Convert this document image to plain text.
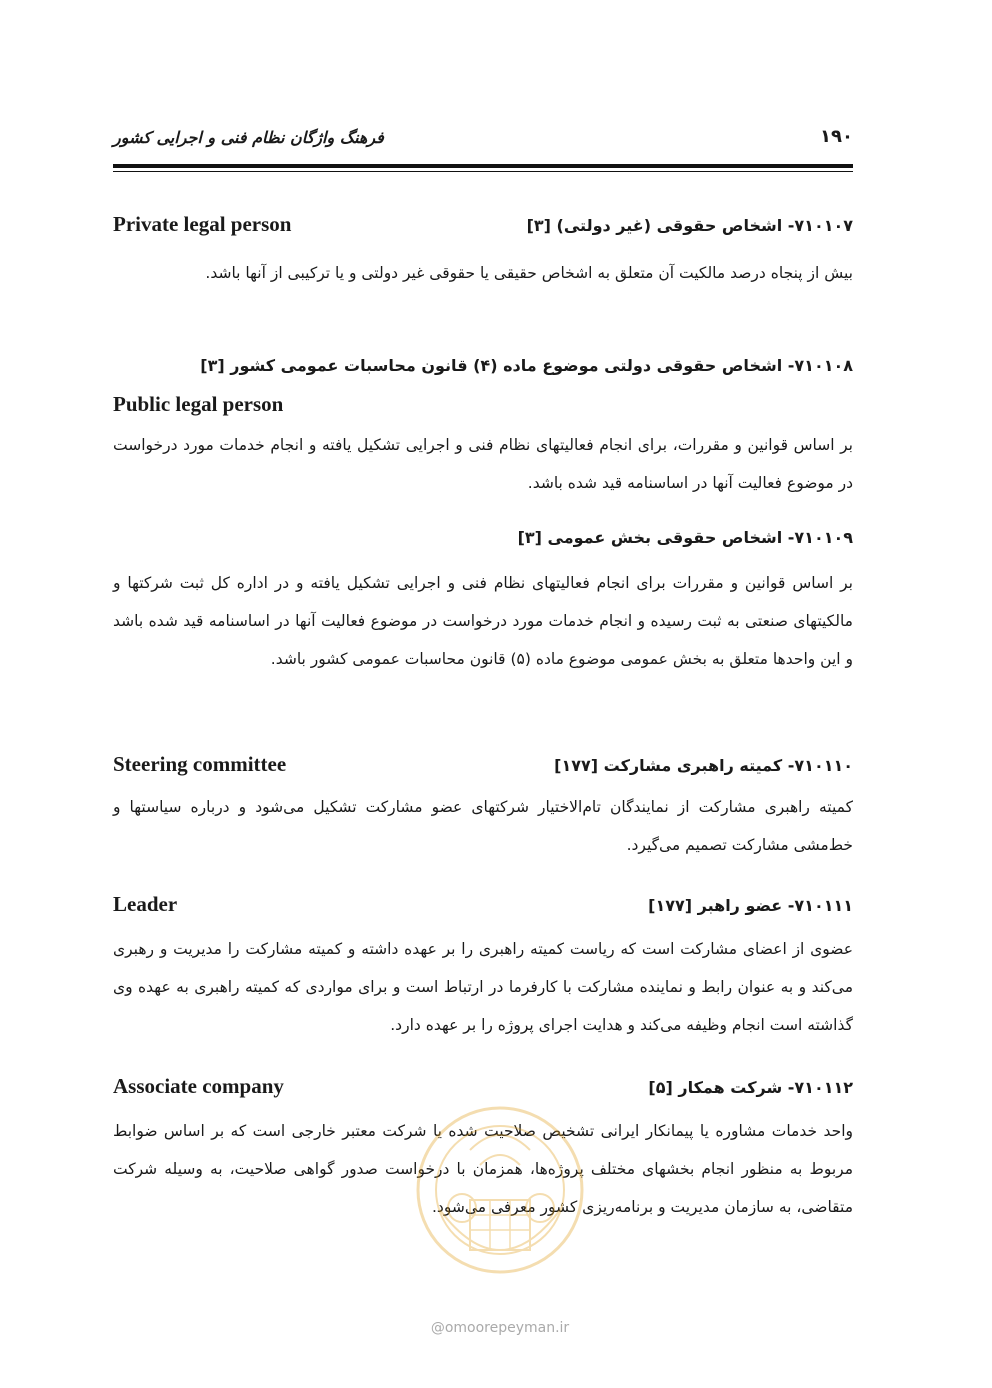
۱۹۰
فرهنگ واژگان نظام فنی و اجرایی کشور
۷۱۰۱۰۷- اشخاص حقوقی (غیر دولتی) [۳]
Private legal person

بیش از پنجاه درصد مالکیت آن متعلق به اشخاص حقیقی یا حقوقی غیر دولتی و یا ترکیبی از آنها باشد.

۷۱۰۱۰۸- اشخاص حقوقی دولتی موضوع ماده (۴) قانون محاسبات عمومی کشور [۳]
Public legal person

بر اساس قوانین و مقررات، برای انجام فعالیتهای نظام فنی و اجرایی تشکیل یافته و انجام خدمات مورد درخواست در موضوع فعالیت آنها در اساسنامه قید شده باشد.

۷۱۰۱۰۹- اشخاص حقوقی بخش عمومی [۳]

بر اساس قوانین و مقررات برای انجام فعالیتهای نظام فنی و اجرایی تشکیل یافته و در اداره کل ثبت شرکتها و مالکیتهای صنعتی به ثبت رسیده و انجام خدمات مورد درخواست در موضوع فعالیت آنها در اساسنامه قید شده باشد و این واحدها متعلق به بخش عمومی موضوع ماده (۵) قانون محاسبات عمومی کشور باشد.

۷۱۰۱۱۰- کمیته راهبری مشارکت [۱۷۷]
Steering committee

کمیته راهبری مشارکت از نمایندگان تام‌الاختیار شرکتهای عضو مشارکت تشکیل می‌شود و درباره سیاستها و خط‌مشی مشارکت تصمیم می‌گیرد.

۷۱۰۱۱۱- عضو راهبر [۱۷۷]
Leader

عضوی از اعضای مشارکت است که ریاست کمیته راهبری را بر عهده داشته و کمیته مشارکت را مدیریت و رهبری می‌کند و به عنوان رابط و نماینده مشارکت با کارفرما در ارتباط است و برای مواردی که کمیته راهبری به عهده وی گذاشته است انجام وظیفه می‌کند و هدایت اجرای پروژه را بر عهده دارد.

۷۱۰۱۱۲- شرکت همکار [۵]
Associate company

واحد خدمات مشاوره یا پیمانکار ایرانی تشخیص صلاحیت شده یا شرکت معتبر خارجی است که بر اساس ضوابط مربوط به منظور انجام بخشهای مختلف پروژه‌ها، همزمان با درخواست صدور گواهی صلاحیت، به وسیله شرکت متقاضی، به سازمان مدیریت و برنامه‌ریزی کشور معرفی می‌شود.

@omoorepeyman.ir
